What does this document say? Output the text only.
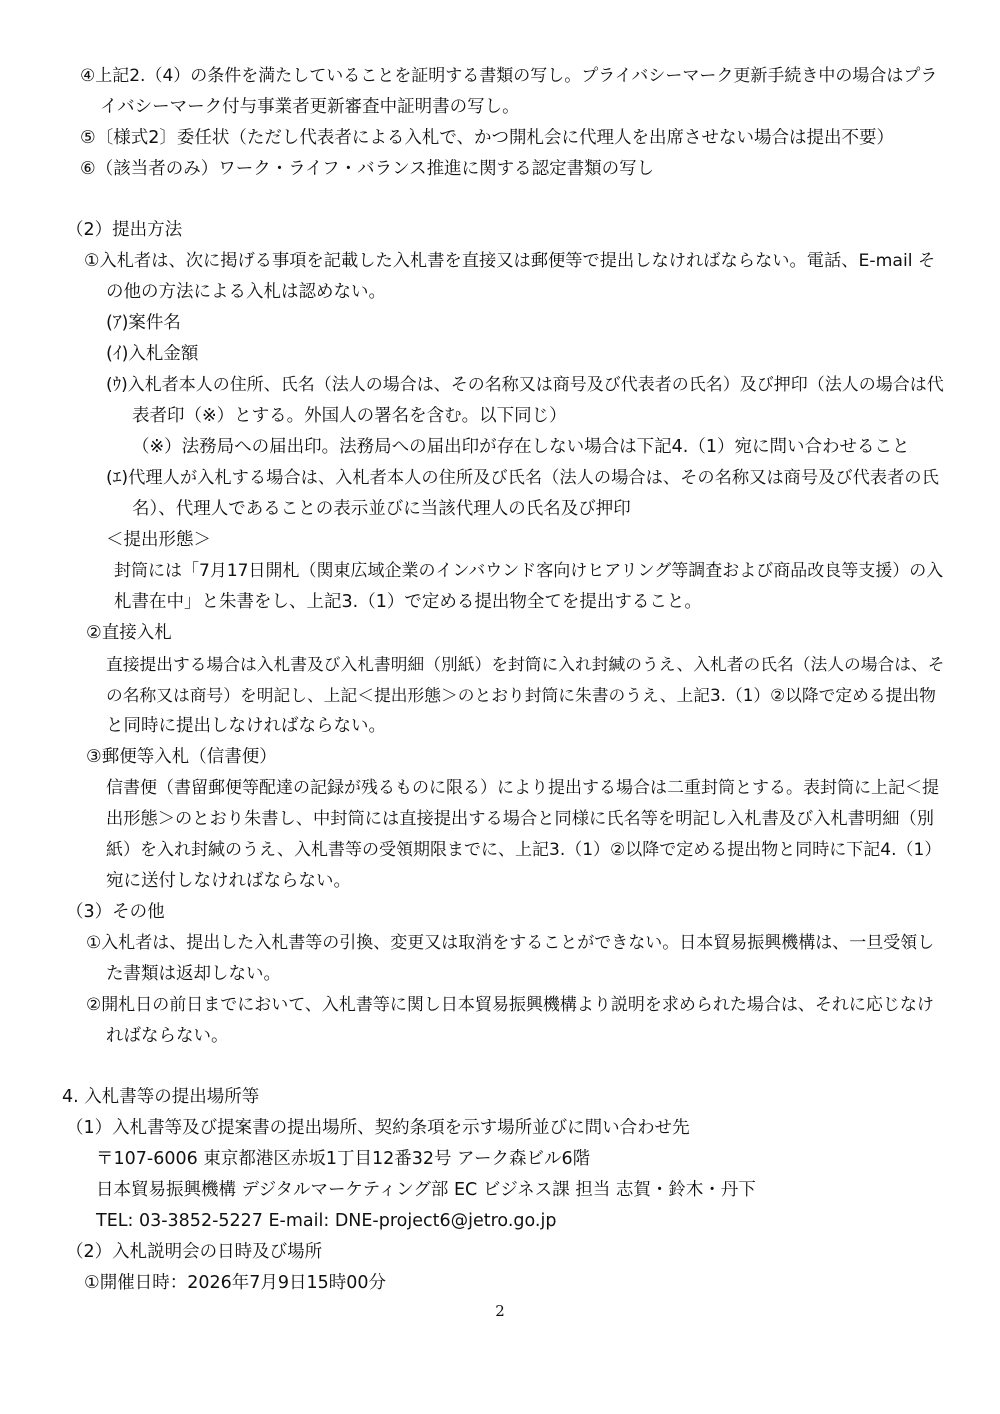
④上記2.（4）の条件を満たしていることを証明する書類の写し。プライバシーマーク更新手続き中の場合はプラ
イバシーマーク付与事業者更新審査中証明書の写し。
⑤〔様式2〕委任状（ただし代表者による入札で、かつ開札会に代理人を出席させない場合は提出不要）
⑥（該当者のみ）ワーク・ライフ・バランス推進に関する認定書類の写し
（2）提出方法
①入札者は、次に掲げる事項を記載した入札書を直接又は郵便等で提出しなければならない。電話、E-mail そ
の他の方法による入札は認めない。
(ｱ)案件名
(ｲ)入札金額
(ｳ)入札者本人の住所、氏名（法人の場合は、その名称又は商号及び代表者の氏名）及び押印（法人の場合は代
表者印（※）とする。外国人の署名を含む。以下同じ）
（※）法務局への届出印。法務局への届出印が存在しない場合は下記4.（1）宛に問い合わせること
(ｴ)代理人が入札する場合は、入札者本人の住所及び氏名（法人の場合は、その名称又は商号及び代表者の氏
名）、代理人であることの表示並びに当該代理人の氏名及び押印
＜提出形態＞
封筒には「7月17日開札（関東広域企業のインバウンド客向けヒアリング等調査および商品改良等支援）の入
札書在中」と朱書をし、上記3.（1）で定める提出物全てを提出すること。
②直接入札
直接提出する場合は入札書及び入札書明細（別紙）を封筒に入れ封緘のうえ、入札者の氏名（法人の場合は、そ
の名称又は商号）を明記し、上記＜提出形態＞のとおり封筒に朱書のうえ、上記3.（1）②以降で定める提出物
と同時に提出しなければならない。
③郵便等入札（信書便）
信書便（書留郵便等配達の記録が残るものに限る）により提出する場合は二重封筒とする。表封筒に上記＜提
出形態＞のとおり朱書し、中封筒には直接提出する場合と同様に氏名等を明記し入札書及び入札書明細（別
紙）を入れ封緘のうえ、入札書等の受領期限までに、上記3.（1）②以降で定める提出物と同時に下記4.（1）
宛に送付しなければならない。
（3）その他
①入札者は、提出した入札書等の引換、変更又は取消をすることができない。日本貿易振興機構は、一旦受領し
た書類は返却しない。
②開札日の前日までにおいて、入札書等に関し日本貿易振興機構より説明を求められた場合は、それに応じなけ
ればならない。
4. 入札書等の提出場所等
（1）入札書等及び提案書の提出場所、契約条項を示す場所並びに問い合わせ先
〒107-6006 東京都港区赤坂1丁目12番32号 アーク森ビル6階
日本貿易振興機構 デジタルマーケティング部 EC ビジネス課 担当 志賀・鈴木・丹下
TEL: 03-3852-5227 E-mail: DNE-project6@jetro.go.jp
（2）入札説明会の日時及び場所
①開催日時：2026年7月9日15時00分
2
